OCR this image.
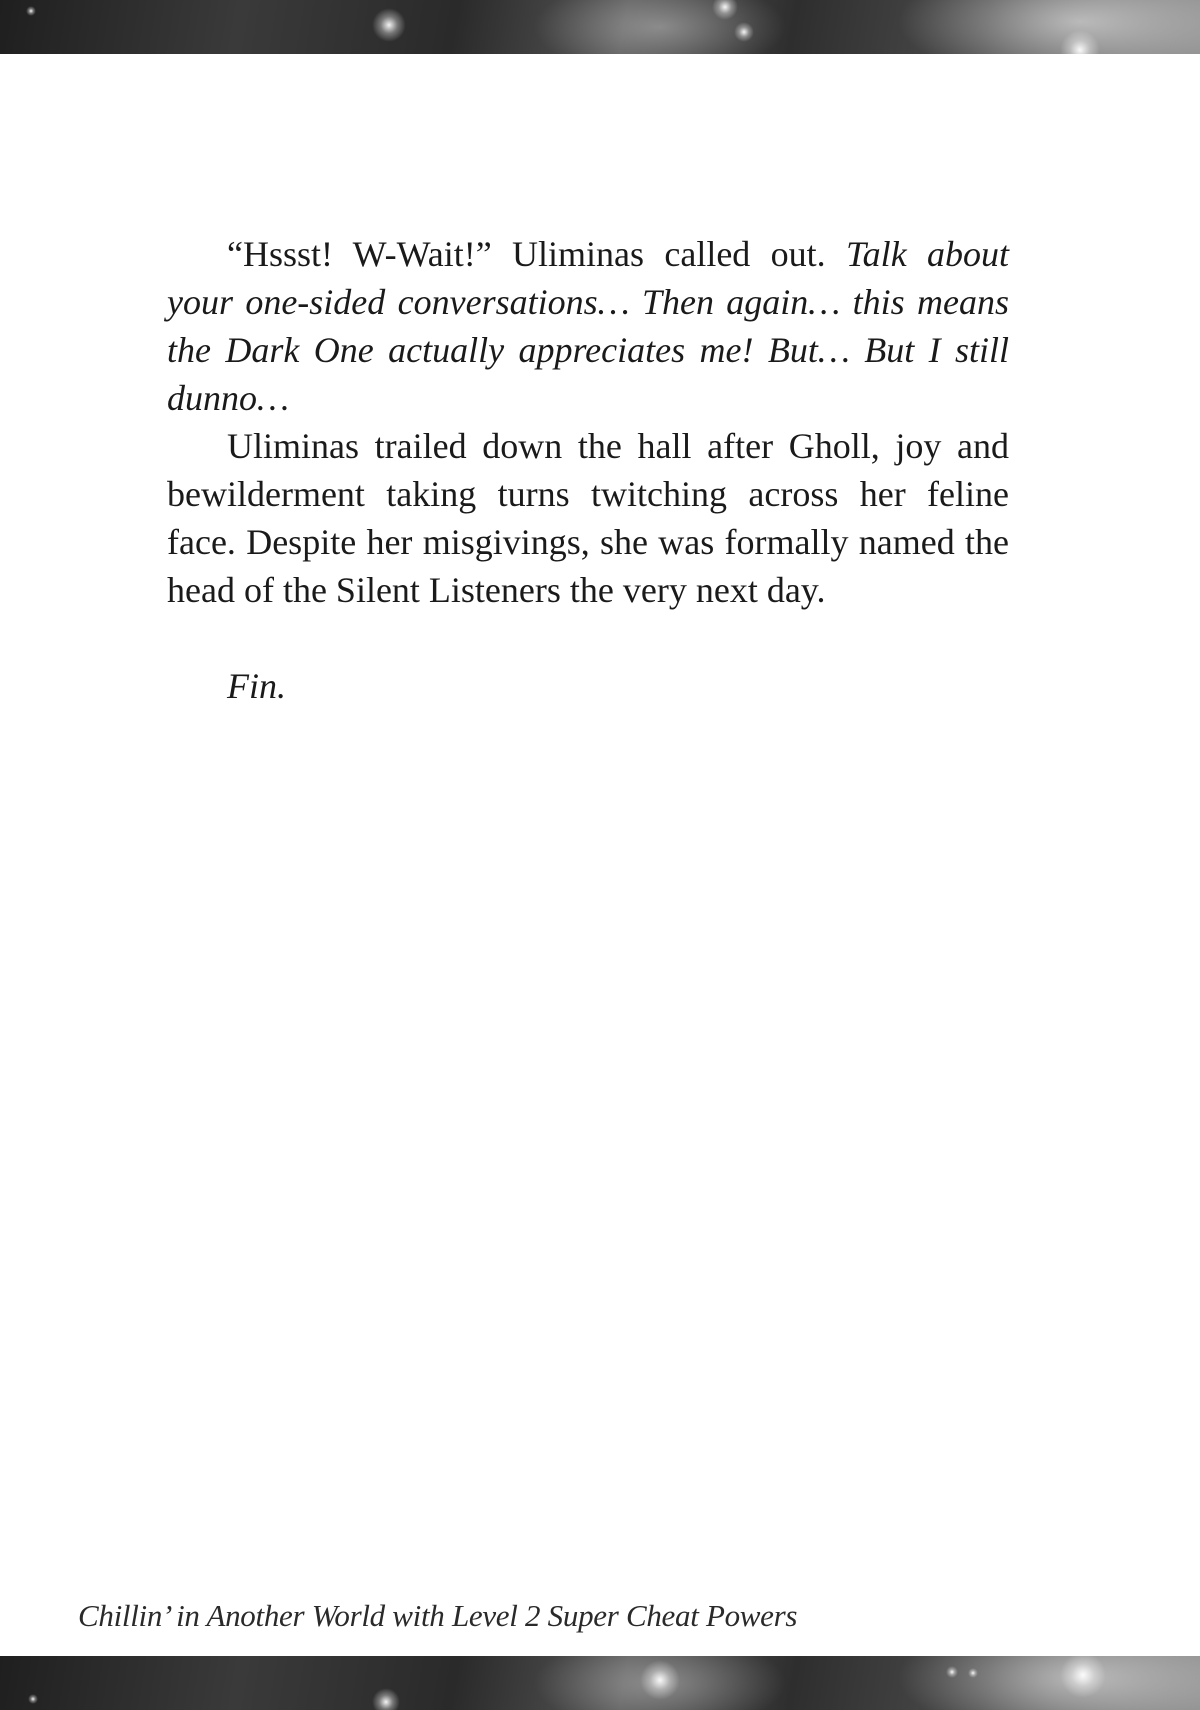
“Hssst! W-Wait!” Uliminas called out. Talk about your one-sided conversations… Then again… this means the Dark One actually appreciates me! But… But I still dunno…

Uliminas trailed down the hall after Gholl, joy and bewilderment taking turns twitching across her feline face. Despite her misgivings, she was formally named the head of the Silent Listeners the very next day.

Fin.

Chillin’ in Another World with Level 2 Super Cheat Powers
